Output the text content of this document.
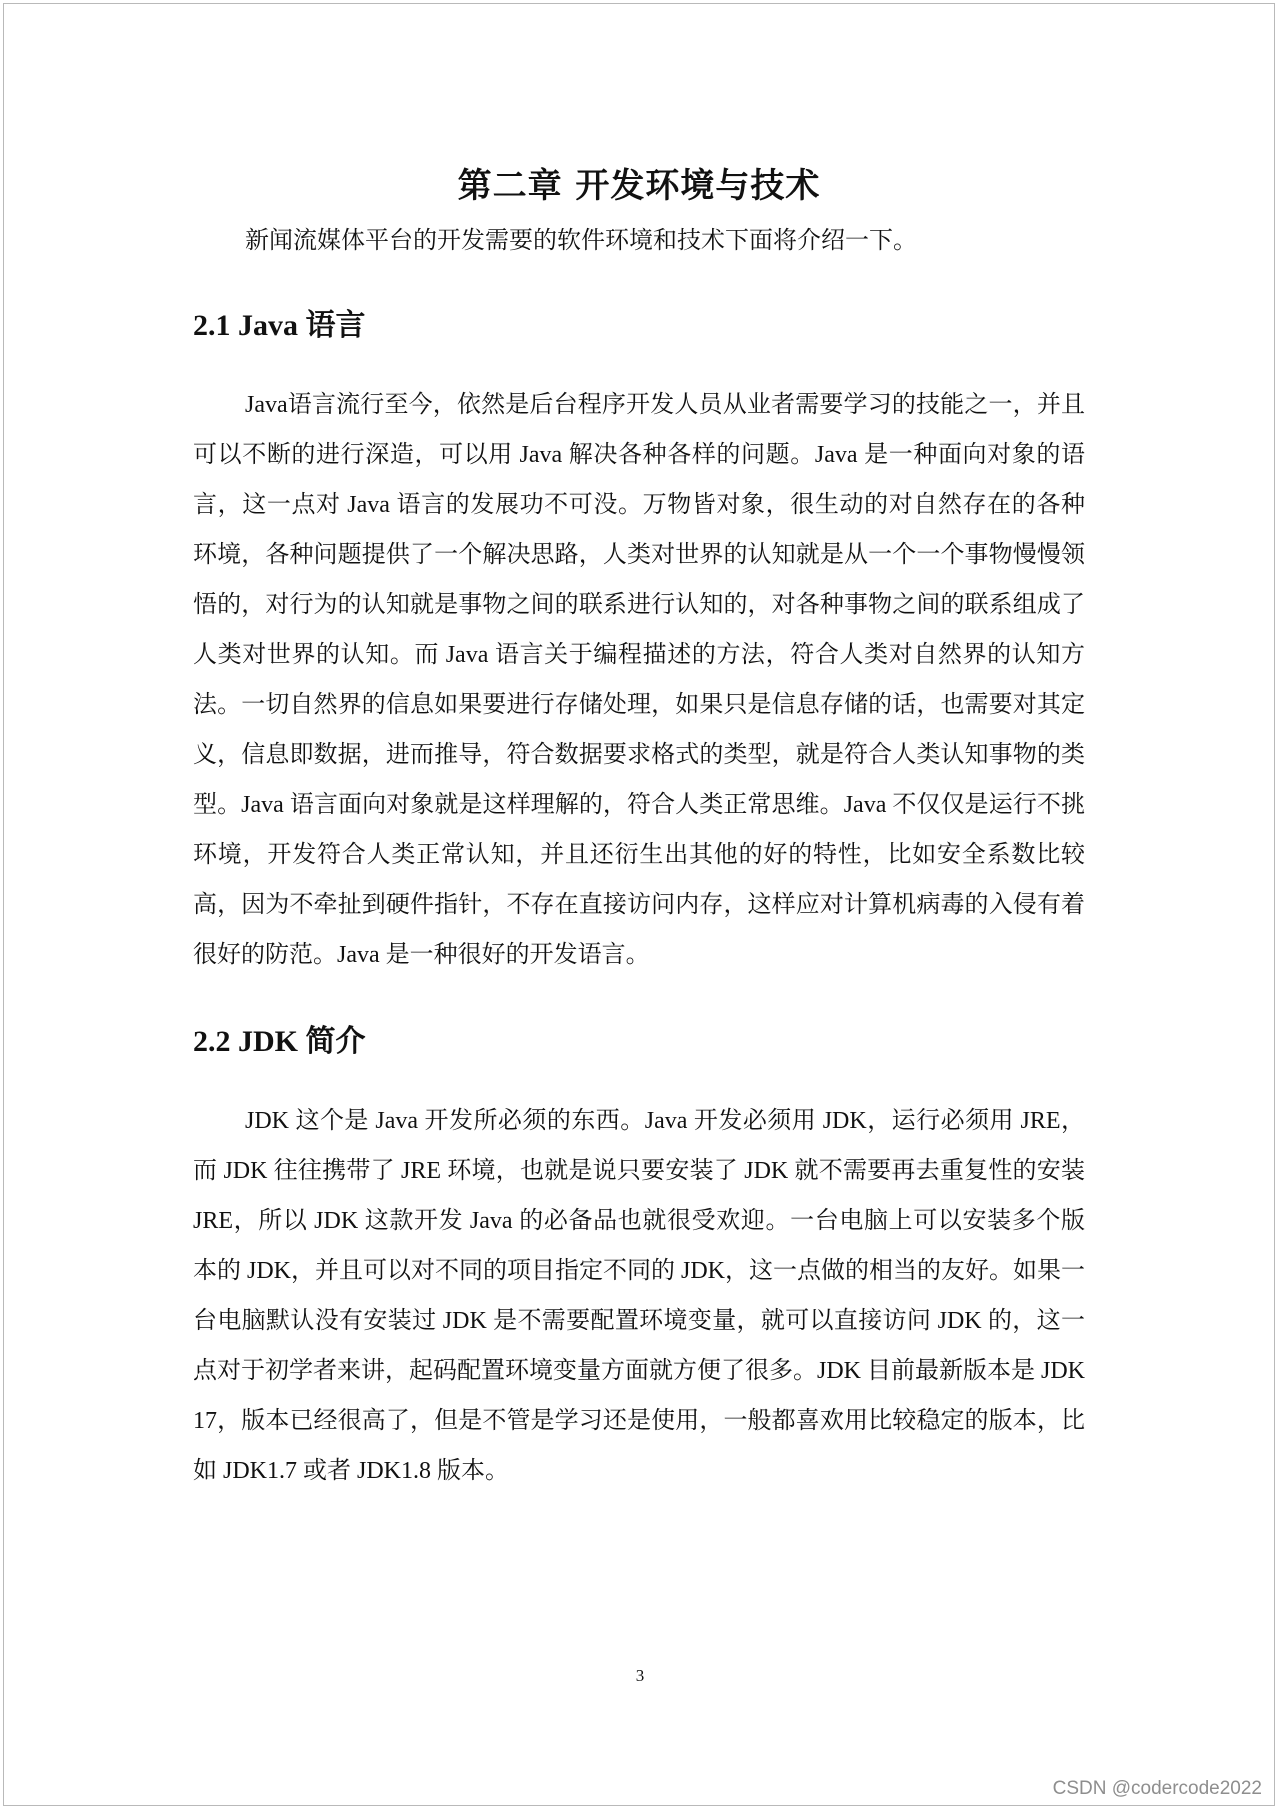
第二章 开发环境与技术

新闻流媒体平台的开发需要的软件环境和技术下面将介绍一下。

2.1 Java 语言

Java语言流行至今，依然是后台程序开发人员从业者需要学习的技能之一，并且可以不断的进行深造，可以用 Java 解决各种各样的问题。Java 是一种面向对象的语言，这一点对 Java 语言的发展功不可没。万物皆对象，很生动的对自然存在的各种环境，各种问题提供了一个解决思路，人类对世界的认知就是从一个一个事物慢慢领悟的，对行为的认知就是事物之间的联系进行认知的，对各种事物之间的联系组成了人类对世界的认知。而 Java 语言关于编程描述的方法，符合人类对自然界的认知方法。一切自然界的信息如果要进行存储处理，如果只是信息存储的话，也需要对其定义，信息即数据，进而推导，符合数据要求格式的类型，就是符合人类认知事物的类型。Java 语言面向对象就是这样理解的，符合人类正常思维。Java 不仅仅是运行不挑环境，开发符合人类正常认知，并且还衍生出其他的好的特性，比如安全系数比较高，因为不牵扯到硬件指针，不存在直接访问内存，这样应对计算机病毒的入侵有着很好的防范。Java 是一种很好的开发语言。

2.2 JDK 简介

JDK 这个是 Java 开发所必须的东西。Java 开发必须用 JDK，运行必须用 JRE，而 JDK 往往携带了 JRE 环境，也就是说只要安装了 JDK 就不需要再去重复性的安装 JRE，所以 JDK 这款开发 Java 的必备品也就很受欢迎。一台电脑上可以安装多个版本的 JDK，并且可以对不同的项目指定不同的 JDK，这一点做的相当的友好。如果一台电脑默认没有安装过 JDK 是不需要配置环境变量，就可以直接访问 JDK 的，这一点对于初学者来讲，起码配置环境变量方面就方便了很多。JDK 目前最新版本是 JDK17，版本已经很高了，但是不管是学习还是使用，一般都喜欢用比较稳定的版本，比如 JDK1.7 或者 JDK1.8 版本。

3
CSDN @codercode2022
